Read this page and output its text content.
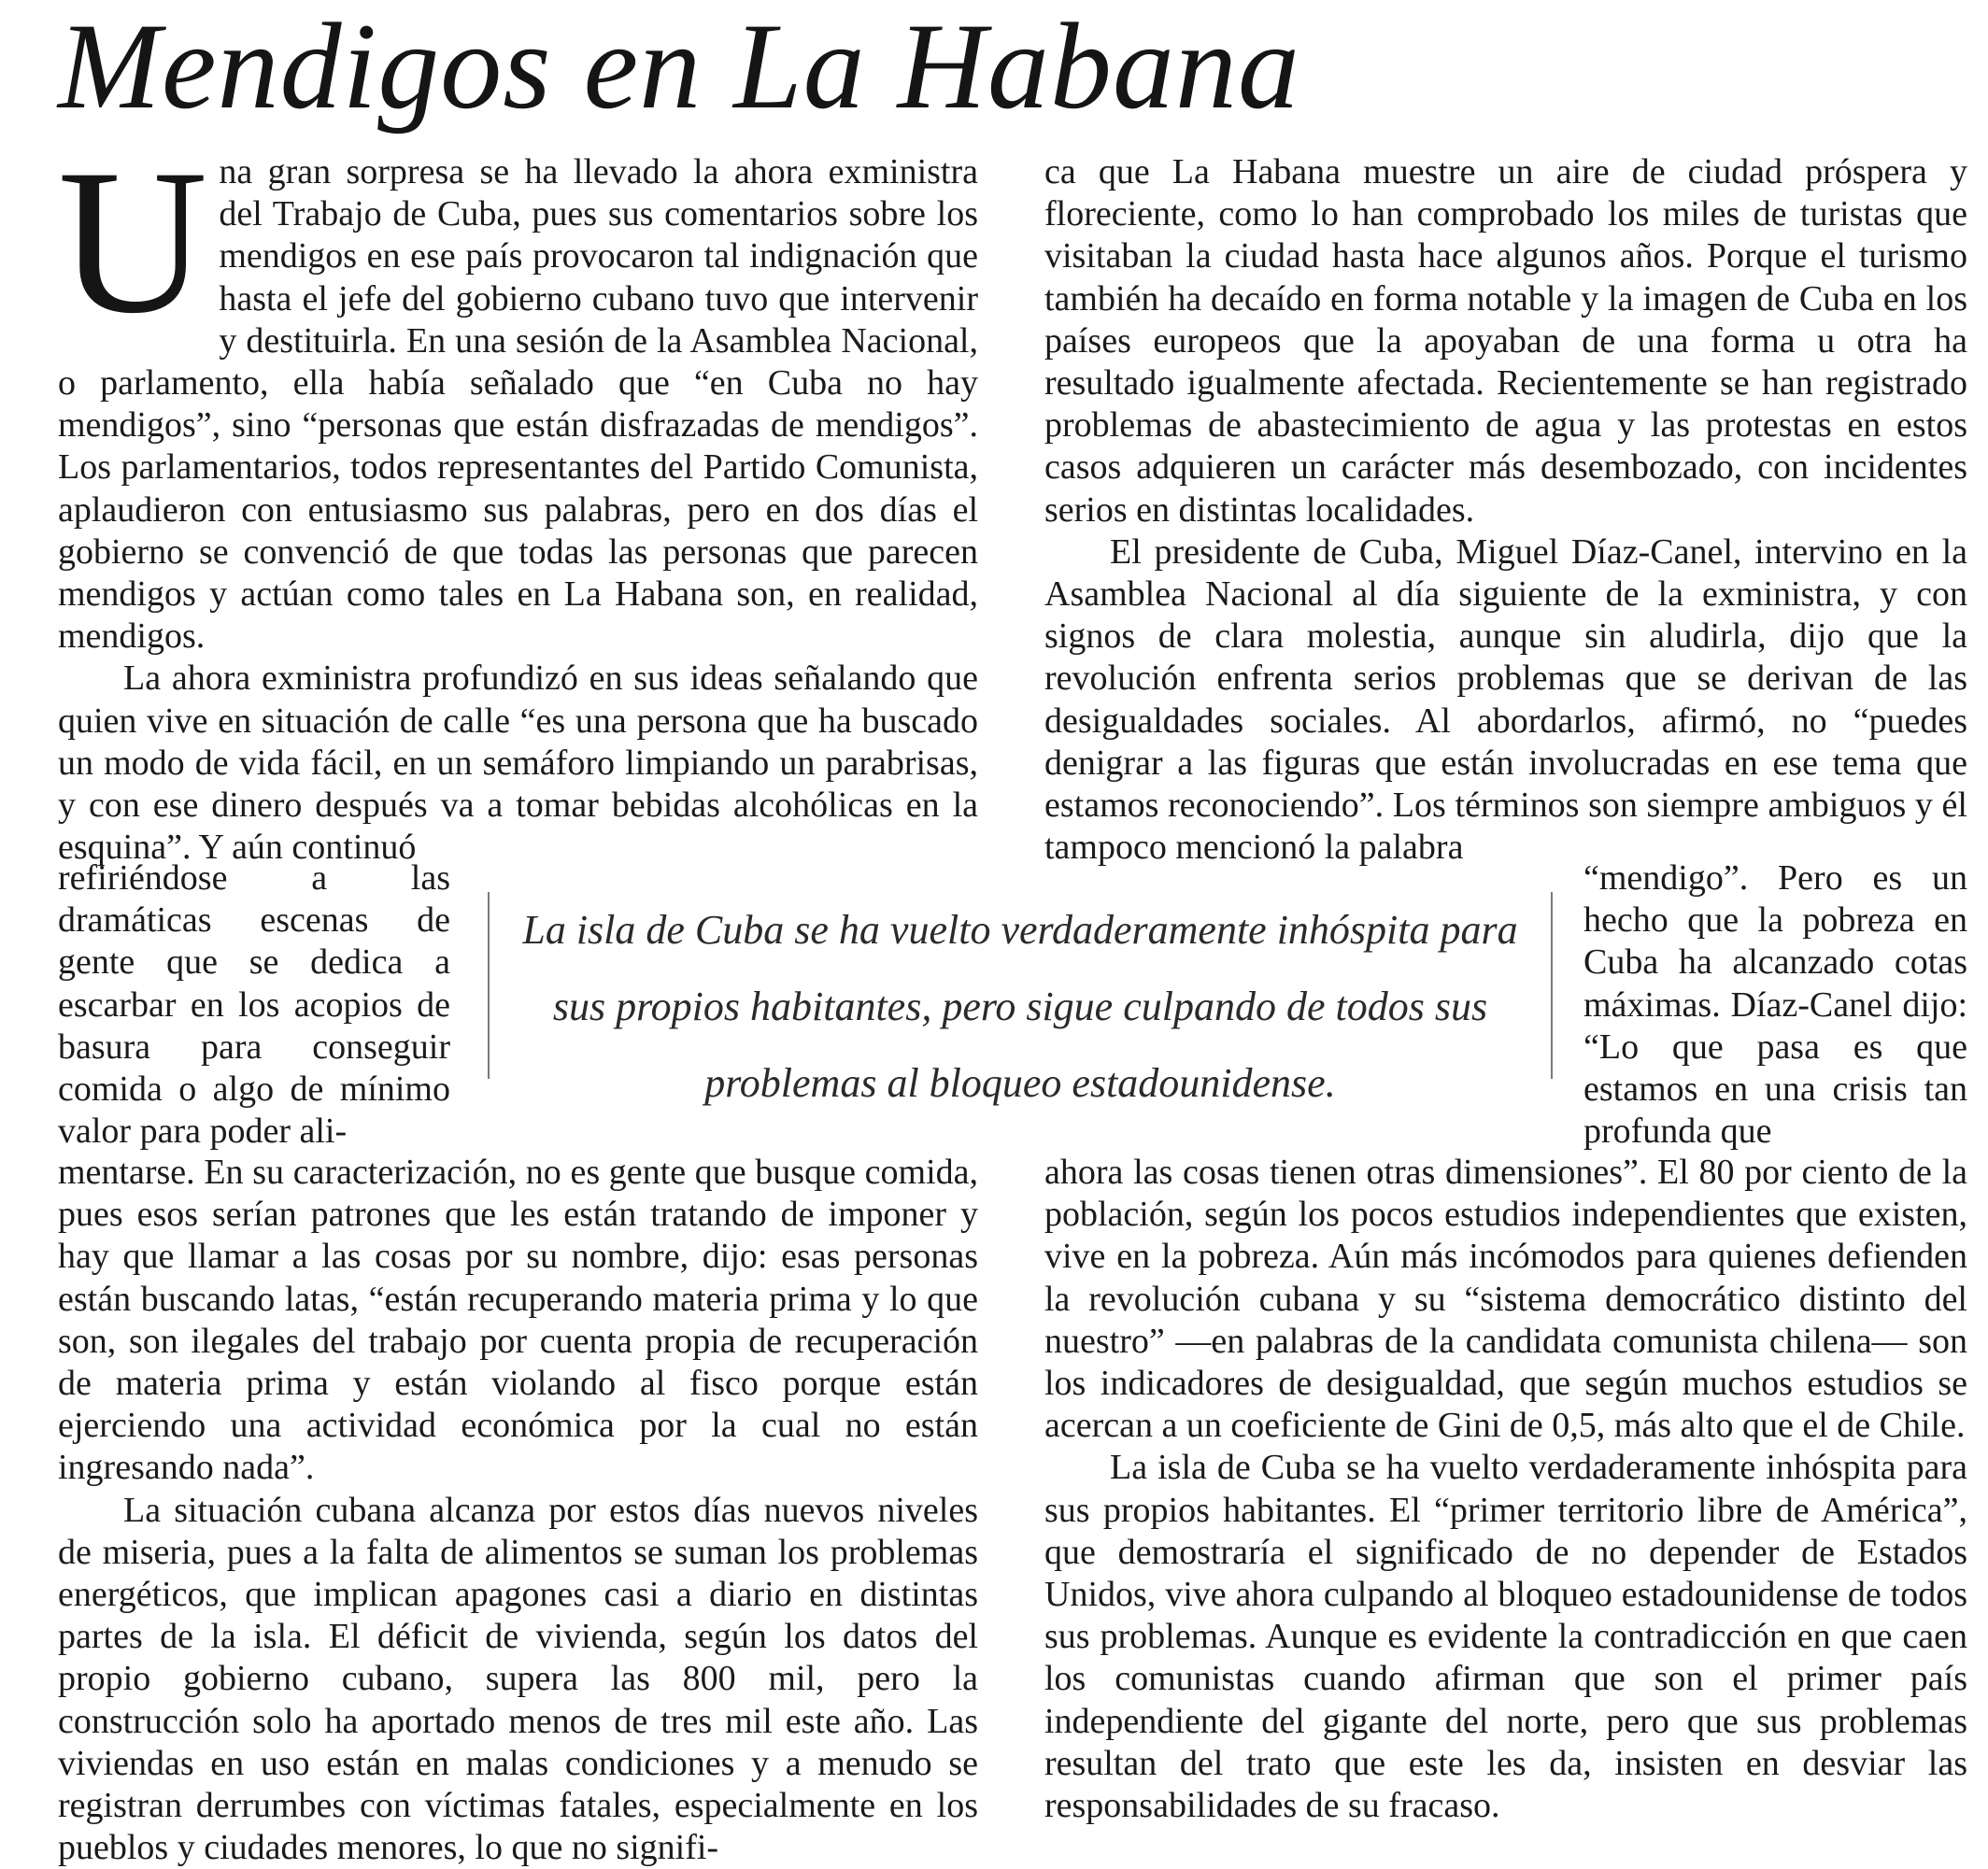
Mendigos en La Habana

Una gran sorpresa se ha llevado la ahora exministra del Trabajo de Cuba, pues sus comentarios sobre los mendigos en ese país provocaron tal indignación que hasta el jefe del gobierno cubano tuvo que intervenir y destituirla. En una sesión de la Asamblea Nacional, o parlamento, ella había señalado que “en Cuba no hay mendigos”, sino “personas que están disfrazadas de mendigos”. Los parlamentarios, todos representantes del Partido Comunista, aplaudieron con entusiasmo sus palabras, pero en dos días el gobierno se convenció de que todas las personas que parecen mendigos y actúan como tales en La Habana son, en realidad, mendigos.

La ahora exministra profundizó en sus ideas señalando que quien vive en situación de calle “es una persona que ha buscado un modo de vida fácil, en un semáforo limpiando un parabrisas, y con ese dinero después va a tomar bebidas alcohólicas en la esquina”. Y aún continuó

refiriéndose a las dramáticas escenas de gente que se dedica a escarbar en los acopios de basura para conseguir comida o algo de mínimo valor para poder ali-

mentarse. En su caracterización, no es gente que busque comida, pues esos serían patrones que les están tratando de imponer y hay que llamar a las cosas por su nombre, dijo: esas personas están buscando latas, “están recuperando materia prima y lo que son, son ilegales del trabajo por cuenta propia de recuperación de materia prima y están violando al fisco porque están ejerciendo una actividad económica por la cual no están ingresando nada”.

La situación cubana alcanza por estos días nuevos niveles de miseria, pues a la falta de alimentos se suman los problemas energéticos, que implican apagones casi a diario en distintas partes de la isla. El déficit de vivienda, según los datos del propio gobierno cubano, supera las 800 mil, pero la construcción solo ha aportado menos de tres mil este año. Las viviendas en uso están en malas condiciones y a menudo se registran derrumbes con víctimas fatales, especialmente en los pueblos y ciudades menores, lo que no signifi-

ca que La Habana muestre un aire de ciudad próspera y floreciente, como lo han comprobado los miles de turistas que visitaban la ciudad hasta hace algunos años. Porque el turismo también ha decaído en forma notable y la imagen de Cuba en los países europeos que la apoyaban de una forma u otra ha resultado igualmente afectada. Recientemente se han registrado problemas de abastecimiento de agua y las protestas en estos casos adquieren un carácter más desembozado, con incidentes serios en distintas localidades.

El presidente de Cuba, Miguel Díaz-Canel, intervino en la Asamblea Nacional al día siguiente de la exministra, y con signos de clara molestia, aunque sin aludirla, dijo que la revolución enfrenta serios problemas que se derivan de las desigualdades sociales. Al abordarlos, afirmó, no “puedes denigrar a las figuras que están involucradas en ese tema que estamos reconociendo”. Los términos son siempre ambiguos y él tampoco mencionó la palabra

“mendigo”. Pero es un hecho que la pobreza en Cuba ha alcanzado cotas máximas. Díaz-Canel dijo: “Lo que pasa es que estamos en una crisis tan profunda que

ahora las cosas tienen otras dimensiones”. El 80 por ciento de la población, según los pocos estudios independientes que existen, vive en la pobreza. Aún más incómodos para quienes defienden la revolución cubana y su “sistema democrático distinto del nuestro” —en palabras de la candidata comunista chilena— son los indicadores de desigualdad, que según muchos estudios se acercan a un coeficiente de Gini de 0,5, más alto que el de Chile.

La isla de Cuba se ha vuelto verdaderamente inhóspita para sus propios habitantes. El “primer territorio libre de América”, que demostraría el significado de no depender de Estados Unidos, vive ahora culpando al bloqueo estadounidense de todos sus problemas. Aunque es evidente la contradicción en que caen los comunistas cuando afirman que son el primer país independiente del gigante del norte, pero que sus problemas resultan del trato que este les da, insisten en desviar las responsabilidades de su fracaso.

La isla de Cuba se ha vuelto verdaderamente inhóspita para sus propios habitantes, pero sigue culpando de todos sus problemas al bloqueo estadounidense.
